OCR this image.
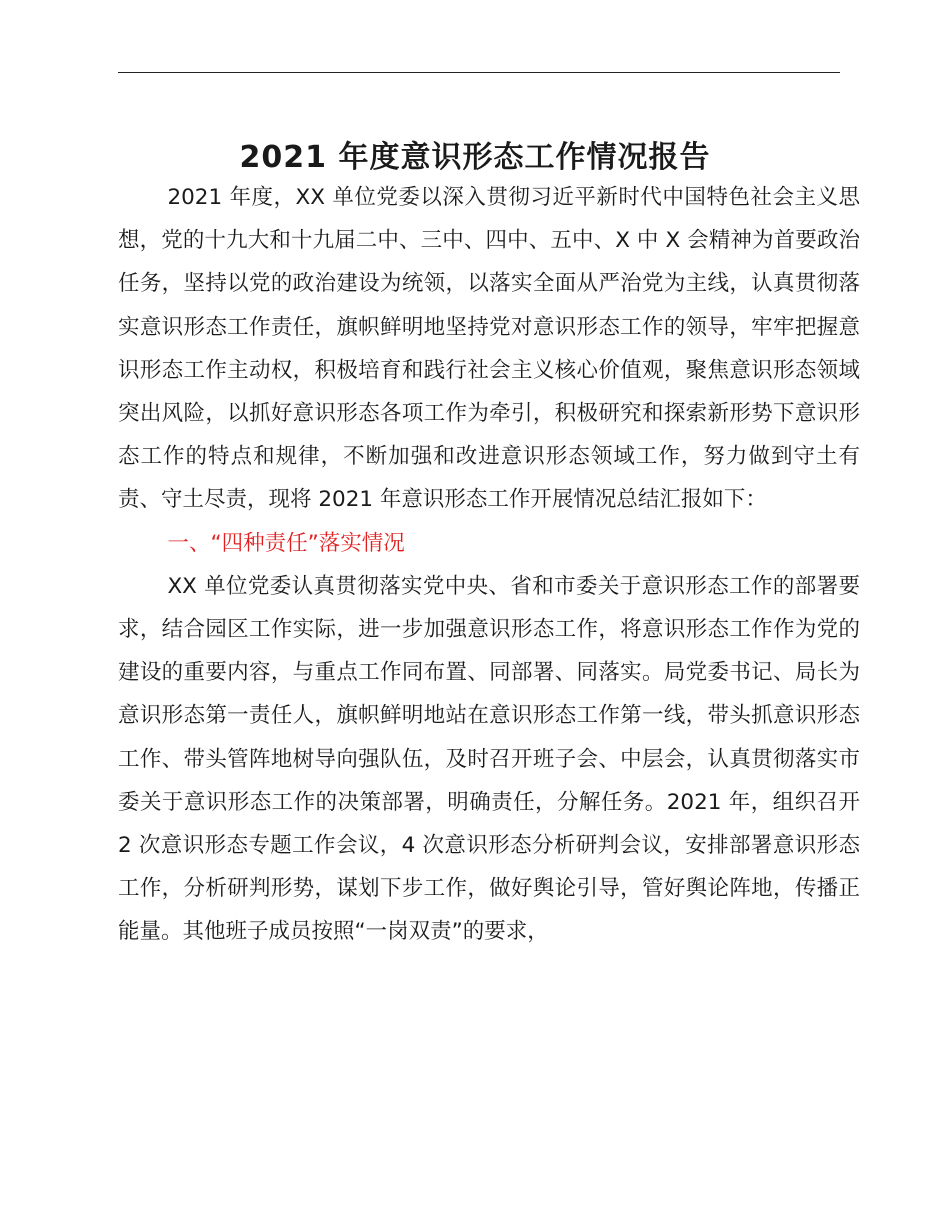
2021 年度意识形态工作情况报告

2021 年度，XX 单位党委以深入贯彻习近平新时代中国特色社会主义思想，党的十九大和十九届二中、三中、四中、五中、X 中 X 会精神为首要政治任务，坚持以党的政治建设为统领，以落实全面从严治党为主线，认真贯彻落实意识形态工作责任，旗帜鲜明地坚持党对意识形态工作的领导，牢牢把握意识形态工作主动权，积极培育和践行社会主义核心价值观，聚焦意识形态领域突出风险，以抓好意识形态各项工作为牵引，积极研究和探索新形势下意识形态工作的特点和规律，不断加强和改进意识形态领域工作，努力做到守土有责、守土尽责，现将 2021 年意识形态工作开展情况总结汇报如下：

一、“四种责任”落实情况

XX 单位党委认真贯彻落实党中央、省和市委关于意识形态工作的部署要求，结合园区工作实际，进一步加强意识形态工作，将意识形态工作作为党的建设的重要内容，与重点工作同布置、同部署、同落实。局党委书记、局长为意识形态第一责任人，旗帜鲜明地站在意识形态工作第一线，带头抓意识形态工作、带头管阵地树导向强队伍，及时召开班子会、中层会，认真贯彻落实市委关于意识形态工作的决策部署，明确责任，分解任务。2021 年，组织召开 2 次意识形态专题工作会议，4 次意识形态分析研判会议，安排部署意识形态工作，分析研判形势，谋划下步工作，做好舆论引导，管好舆论阵地，传播正能量。其他班子成员按照“一岗双责”的要求，
